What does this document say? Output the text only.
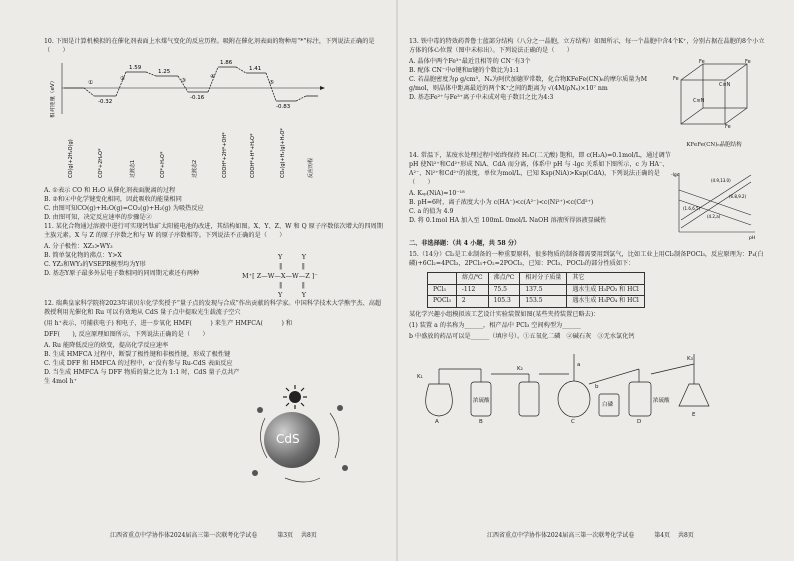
10. 下图是计算机模拟的在催化剂表面上水煤气变化的反应历程。吸附在催化剂表面的物种用“*”标注，下列说法正确的是（　　）

相对能量（eV）
1.59
1.25
-0.32
-0.16
1.86
1.41
-0.83
①
②	③
④
⑤
CO(g)+2H₂O(g)	CO*+2H₂O*	过渡态1	CO*+H₂O*	过渡态2	COOH*+2H*+OH*	COOH*+H*+H₂O*	CO₂(g)+H₂(g)+H₂O*	反应历程

A. ①表示 CO 和 H₂O 从催化剂表面脱离的过程

B. ②和④中化学键变化相同，因此吸收的能量相同

C. 由图可知CO(g)+H₂O(g)=CO₂(g)+H₂(g) 为吸热反应

D. 由图可知，决定反应速率的步骤是②

11. 某化合物通过溶液中进行可实现钙钛矿太阳能电池的改进，其结构如图。X、Y、Z、W 和 Q 原子序数依次增大的四周期主族元素。X 与 Z 的原子序数之和与 W 的原子序数相等。下列说法不正确的是（　　）

A. 分子极性：XZ₃>WY₃

B. 简单氢化物的沸点：Y>X

C. YZ₂和WY₃的VSEPR模型均为Y形

D. 基态Y原子最多外层电子数相同的同周期元素还有两种

Y　　　Y
‖　　　‖
M⁺[ Z—W—X—W—Z ]⁻
‖　　　‖
Y　　　Y

12. 瑞典皇家科学院将2023年诺贝尔化学奖授予“量子点的发现与合成”作出贡献的科学家。中国科学技术大学熊宇杰、高超教授利用光催化和 Ru 可以有效地从 CdS 量子点中提取光生载流子空穴

(用 h⁺表示，可捕获电子) 和电子，进一步氧化 HMF(　　　) 来生产 HMFCA(　　　) 和

DFF(　　), 反应原理如图所示，下列说法正确的是（　　）

A. Ru 能降低反应的焓变，提高化学反应速率

B. 生成 HMFCA 过程中，断裂了极性键和非极性键，形成了极性键

C. 生成 DFF 和 HMFCA 的过程中，e⁻没有参与 Ru-CdS 表面反应

D. 当生成 HMFCA 与 DFF 物质的量之比为 1:1 时，CdS 量子点共产生 4mol h⁺

CdS
江西省重点中学协作体2024届高三第一次联考化学试卷 　　　	第3页 　 共8页

13. 铁中毒的特效药普鲁士蓝部分结构（八分之一晶胞，立方结构）如图所示，每一个晶胞中含4个K⁺，分别占据在晶胞的8个小立方体的体心位置（图中未标出）。下列说法正确的是（　　）

A. 晶体中两个Fe³⁺最近且相等的 CN⁻有3个

B. 配体 CN⁻中σ键和π键的个数比为1:1

C. 若晶胞密度为ρ g/cm³，Nₐ为阿伏加德罗常数，化合物KFeFe(CN)₆的摩尔质量为M g/mol，则晶体中距离最近的两个K⁺之间的距离为 √(4M/ρNₐ)×10⁷ nm

D. 基态Fe²⁺与Fe³⁺离子中未成对电子数目之比为4:3

Fe
Fe
Fe	Fe
C≡N
C≡N
KFeFe(CN)₆晶胞结构

14. 常温下，某废水处理过程中始终保持 H₂C(二元酸) 饱和，即 c(H₂A)=0.1mol/L，通过调节 pH 使Ni²⁺和Cd²⁺形成 NiA、CdA 而分离，体系中 pH 与 -lgc 关系如下图所示，c 为 HA⁻、A²⁻、Ni²⁺和Cd²⁺的浓度，单位为mol/L，已知 Ksp(NiA)>Ksp(CdA)，下列说法正确的是（　　）

A. Kₛₚ(NiA)=10⁻¹⁸

B. pH=6时，离子浓度大小为 c(HA⁻)<c(A²⁻)<c(Ni²⁺)<c(Cd²⁺)

C. a 的值为 4.9

D. 将 0.1mol HA 加入至 100mL 0mol/L NaOH 溶液所得溶液显碱性

-lgc
pH
(4.9,13.0)
(6.8,9.2)
(1.6,6.5)
(4.2,a)

二、非选择题：（共 4 小题，共 58 分）

15.（14分）Cl₂是工业制备的一种重要原料，很多物质的制备都需要用到氯气，比如工业上用Cl₂制备POCl₃，反应原理为：P₄(白磷)+6Cl₂=4PCl₃，2PCl₃+O₂=2POCl₃，已知：PCl₃、POCl₃的部分性质如下：

	熔点/℃	沸点/℃	相对分子质量	其它
PCl₃	-112	75.5	137.5	遇水生成 H₃PO₃ 和 HCl
POCl₃	2	105.3	153.5	遇水生成 H₃PO₄ 和 HCl

某化学兴趣小组模拟该工艺设计实验装置如图(某些夹持装置已略去)：

(1) 装置 a 的名称为______，相产品中 PCl₃ 空间构型为______

b 中盛放的药品可以是______（填序号）。①五氧化二磷　②碱石灰　③无水氯化钙

A	B	C	D
E
浓硫酸
白磷
浓硫酸
K₁
K₂
K₃
a
b
江西省重点中学协作体2024届高三第一次联考化学试卷 　　　	第4页 　 共8页
